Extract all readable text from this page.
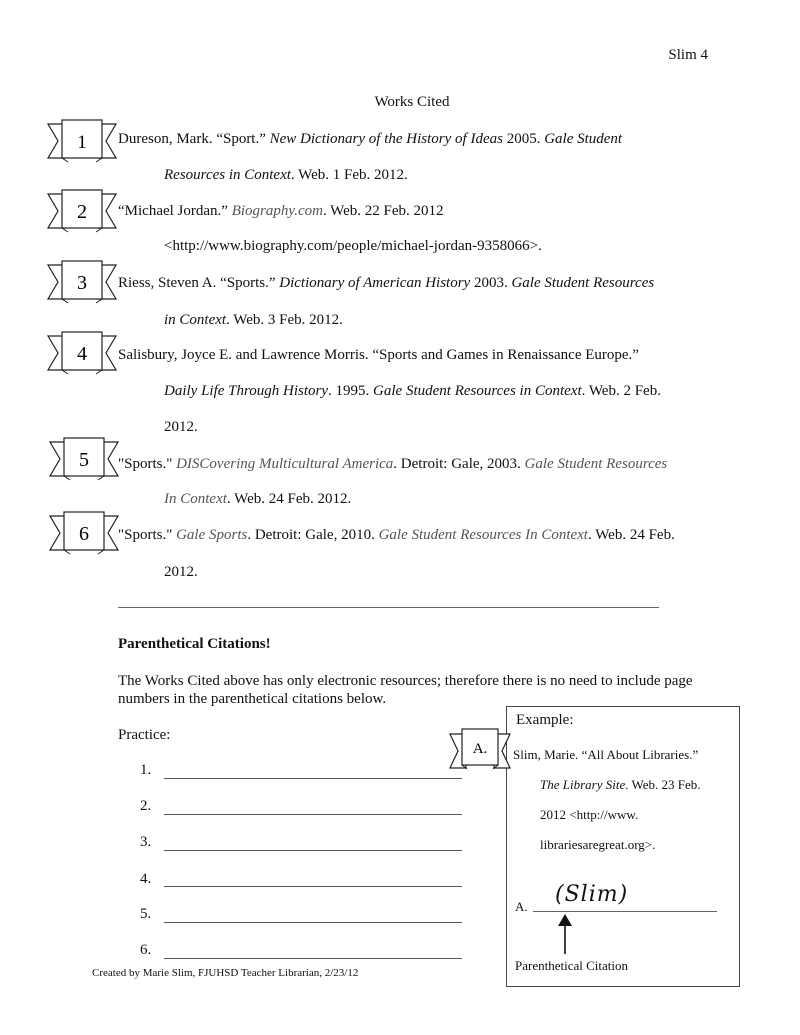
Slim 4
Works Cited
1
2
3
4
5
6
Dureson, Mark. “Sport.” New Dictionary of the History of Ideas 2005. Gale Student
Resources in Context. Web. 1 Feb. 2012.
“Michael Jordan.” Biography.com. Web. 22 Feb. 2012
<http://www.biography.com/people/michael-jordan-9358066>.
Riess, Steven A. “Sports.” Dictionary of American History 2003. Gale Student Resources
in Context. Web. 3 Feb. 2012.
Salisbury, Joyce E. and Lawrence Morris. “Sports and Games in Renaissance Europe.”
Daily Life Through History. 1995. Gale Student Resources in Context. Web. 2 Feb.
2012.
"Sports." DISCovering Multicultural America. Detroit: Gale, 2003. Gale Student Resources
In Context. Web. 24 Feb. 2012.
"Sports." Gale Sports. Detroit: Gale, 2010. Gale Student Resources In Context. Web. 24 Feb.
2012.
Parenthetical Citations!
The Works Cited above has only electronic resources; therefore there is no need to include page numbers in the parenthetical citations below.
Practice:
1.
2.
3.
4.
5.
6.
Example:
A. Slim, Marie. “All About Libraries.”
The Library Site. Web. 23 Feb.
2012 <http://www.
librariesaregreat.org>.
A. (Slim)
Parenthetical Citation
Created by Marie Slim, FJUHSD Teacher Librarian, 2/23/12
